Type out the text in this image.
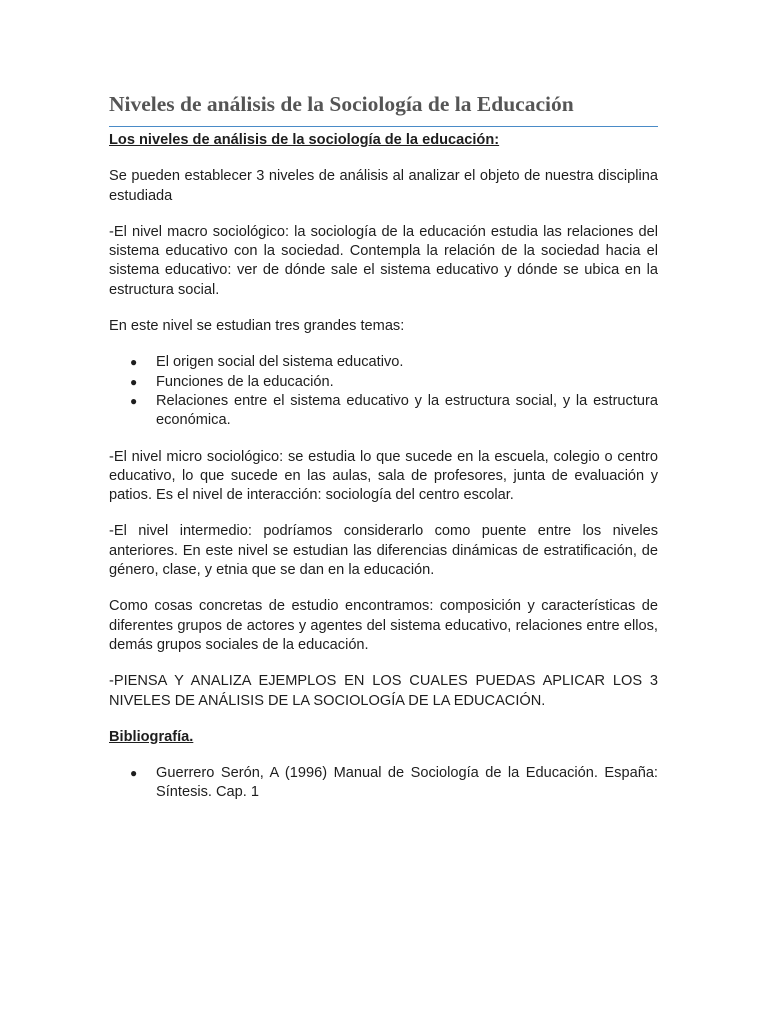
Niveles de análisis de la Sociología de la Educación
Los niveles de análisis de la sociología de la educación:

Se pueden establecer 3 niveles de análisis al analizar el objeto de nuestra disciplina estudiada

-El nivel macro sociológico: la sociología de la educación estudia las relaciones del sistema educativo con la sociedad. Contempla la relación de la sociedad hacia el sistema educativo: ver de dónde sale el sistema educativo y dónde se ubica en la estructura social.

En este nivel se estudian tres grandes temas:

● El origen social del sistema educativo.
● Funciones de la educación.
● Relaciones entre el sistema educativo y la estructura social, y la estructura económica.

-El nivel micro sociológico: se estudia lo que sucede en la escuela, colegio o centro educativo, lo que sucede en las aulas, sala de profesores, junta de evaluación y patios. Es el nivel de interacción: sociología del centro escolar.

-El nivel intermedio: podríamos considerarlo como puente entre los niveles anteriores. En este nivel se estudian las diferencias dinámicas de estratificación, de género, clase, y etnia que se dan en la educación.

Como cosas concretas de estudio encontramos: composición y características de diferentes grupos de actores y agentes del sistema educativo, relaciones entre ellos, demás grupos sociales de la educación.

-PIENSA Y ANALIZA EJEMPLOS EN LOS CUALES PUEDAS APLICAR LOS 3 NIVELES DE ANÁLISIS DE LA SOCIOLOGÍA DE LA EDUCACIÓN.

Bibliografía.
● Guerrero Serón, A (1996) Manual de Sociología de la Educación. España: Síntesis. Cap. 1
